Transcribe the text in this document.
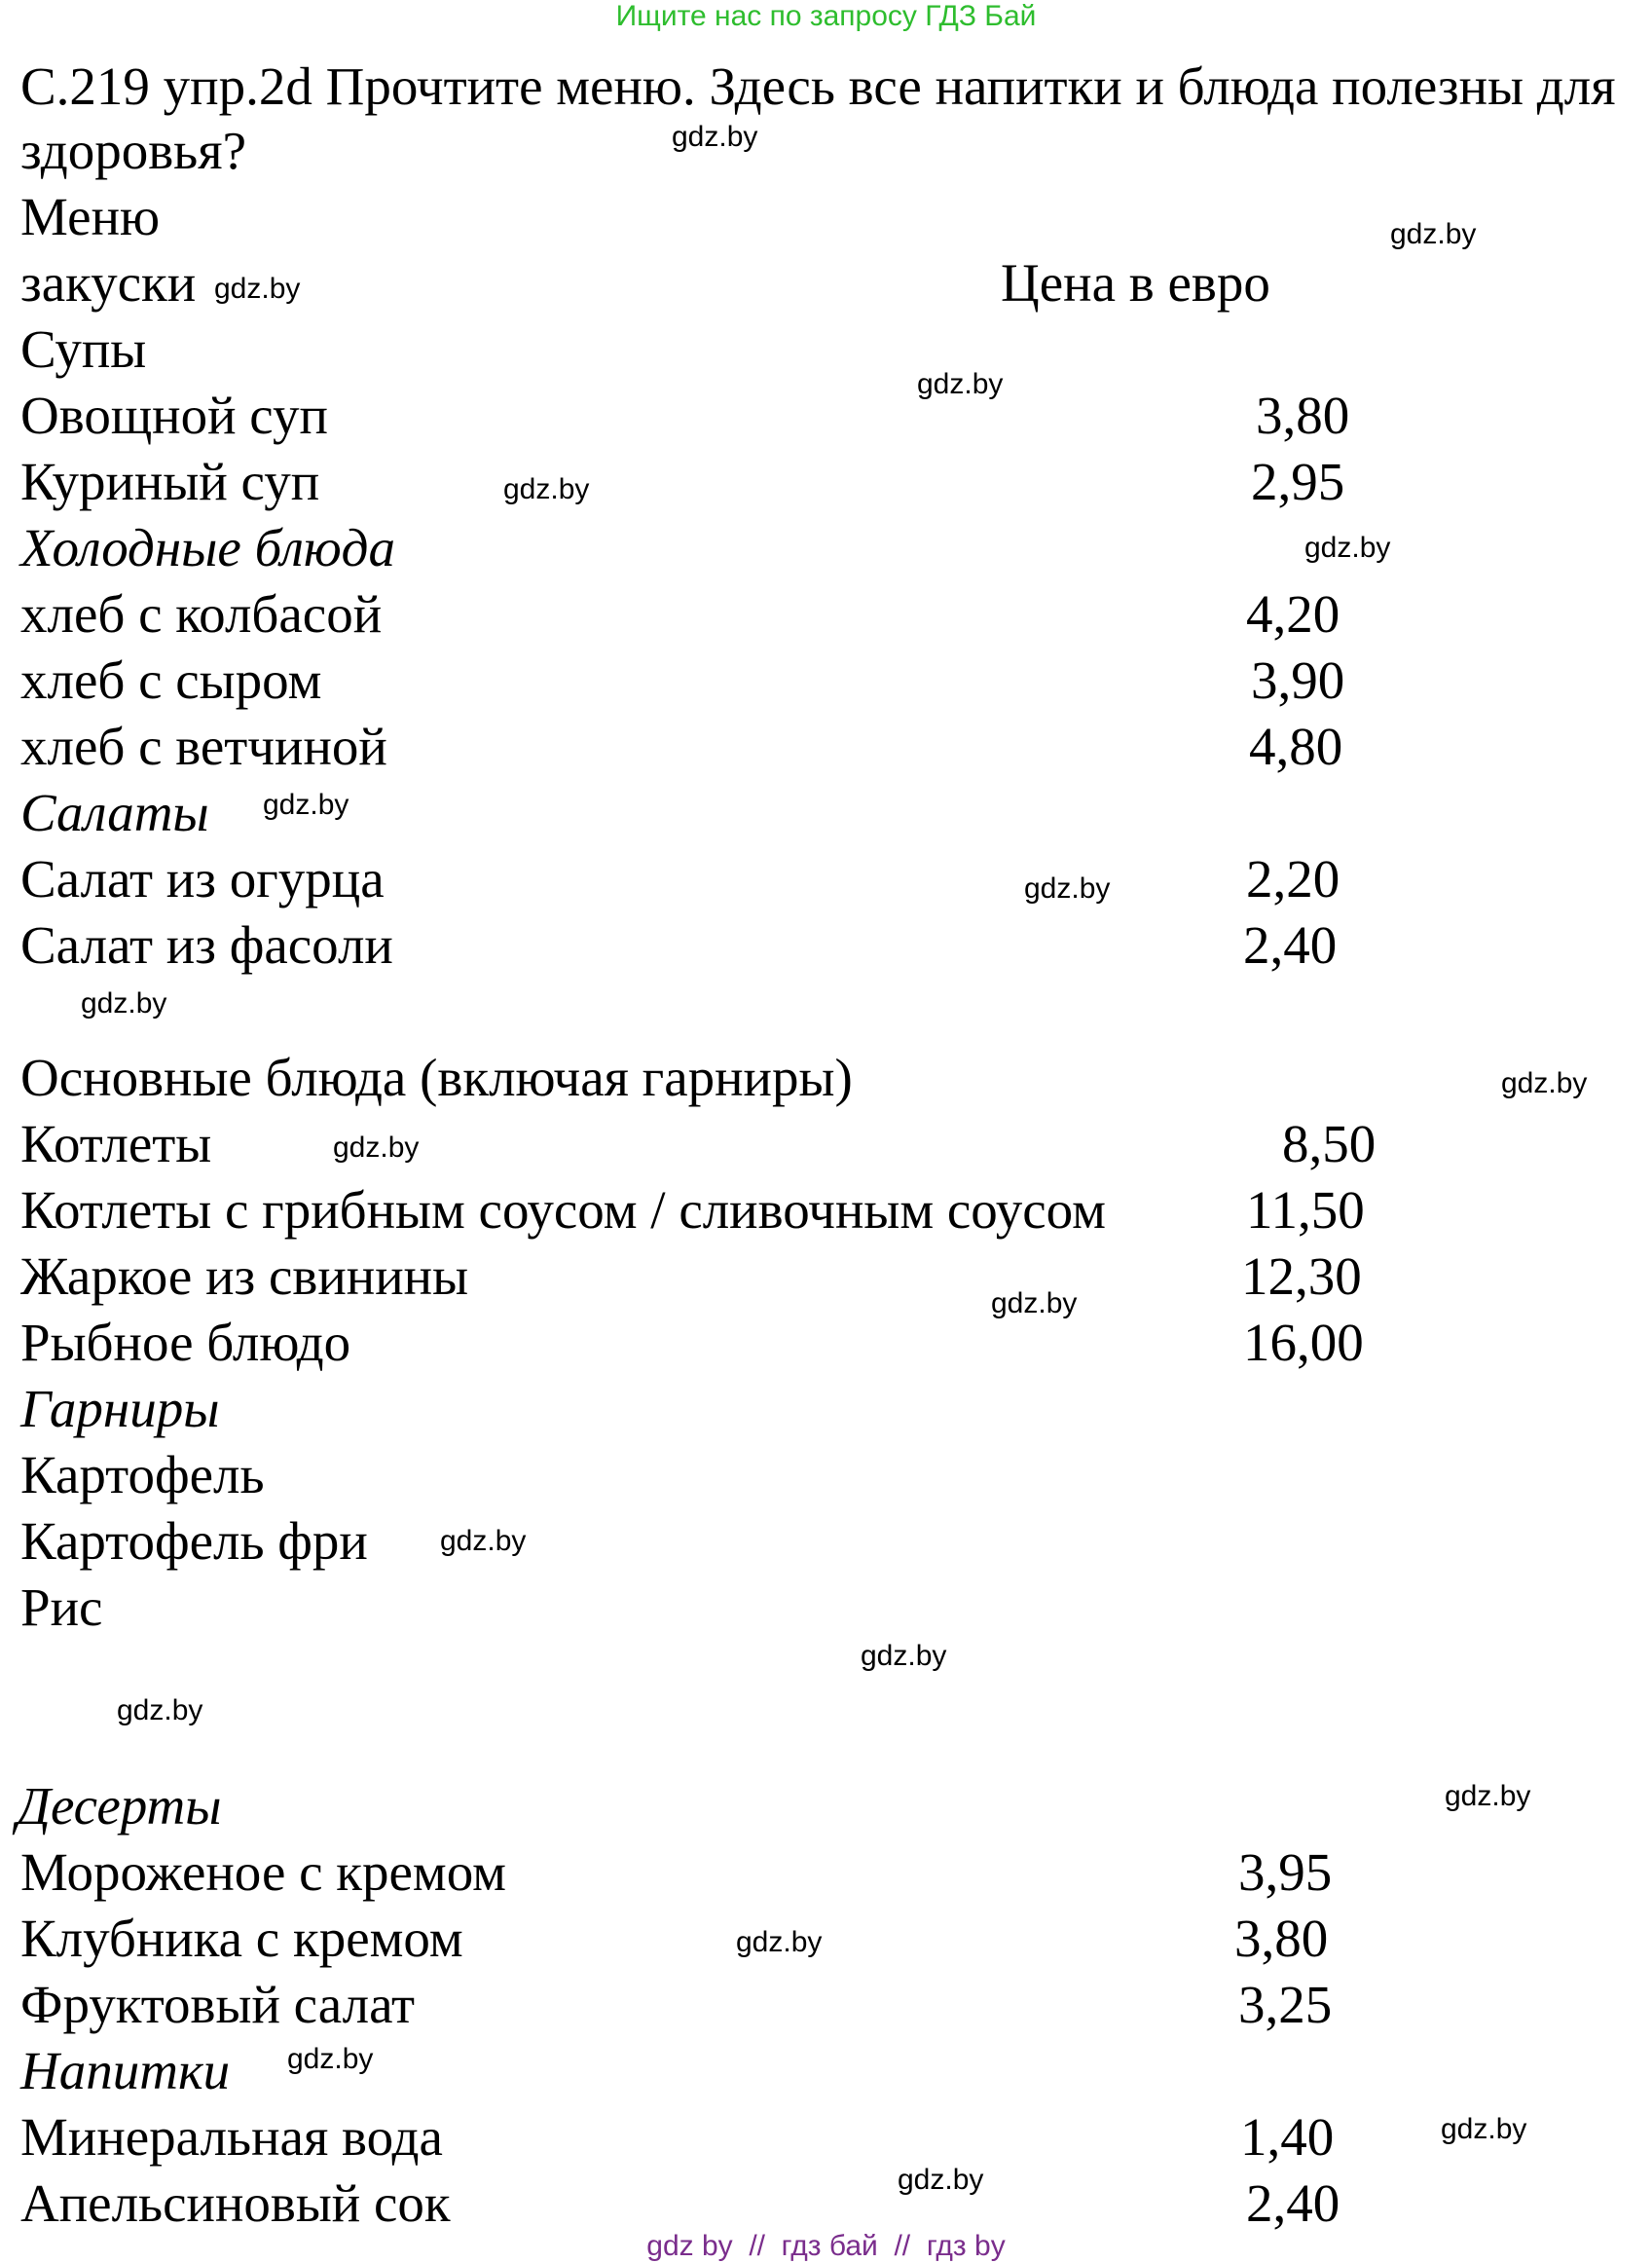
Ищите нас по запросу ГДЗ Бай
С.219 упр.2d Прочтите меню. Здесь все напитки и блюда полезны для здоровья?
Меню
закуски	Цена в евро
Супы
Овощной суп	3,80
Куриный суп	2,95
Холодные блюда
хлеб с колбасой	4,20
хлеб с сыром	3,90
хлеб с ветчиной	4,80
Салаты
Салат из огурца	2,20
Салат из фасоли	2,40
Основные блюда (включая гарниры)
Котлеты	8,50
Котлеты с грибным соусом / сливочным соусом	11,50
Жаркое из свинины	12,30
Рыбное блюдо	16,00
Гарниры
Картофель
Картофель фри
Рис
Десерты
Мороженое с кремом	3,95
Клубника с кремом	3,80
Фруктовый салат	3,25
Напитки
Минеральная вода	1,40
Апельсиновый сок	2,40
gdz.by
gdz.by
gdz.by
gdz.by
gdz.by
gdz.by
gdz.by
gdz.by
gdz.by
gdz.by
gdz.by
gdz.by
gdz.by
gdz.by
gdz.by
gdz.by
gdz.by
gdz.by
gdz.by
gdz.by
gdz by  //  гдз бай  //  гдз by
